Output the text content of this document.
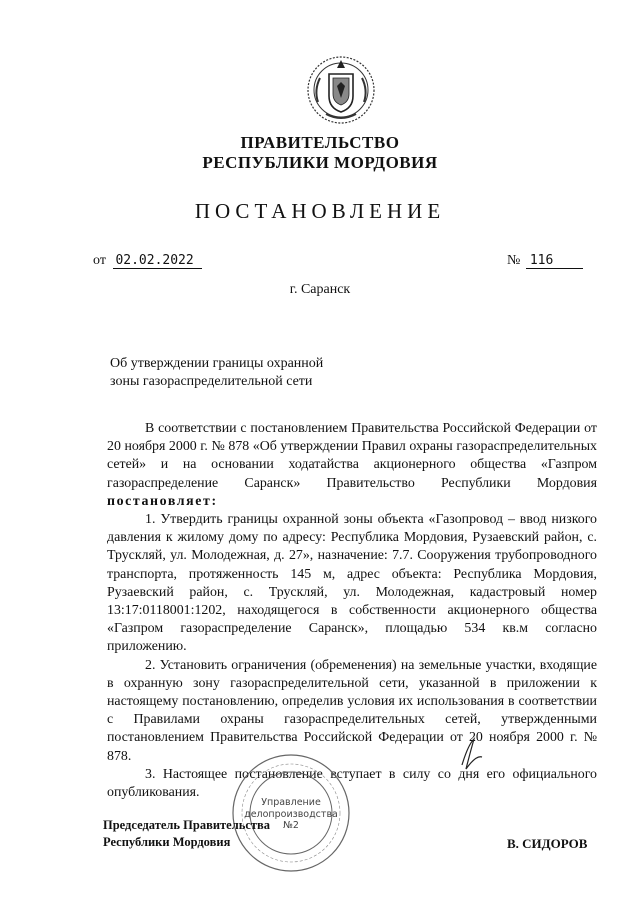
ПРАВИТЕЛЬСТВО
РЕСПУБЛИКИ МОРДОВИЯ
ПОСТАНОВЛЕНИЕ
от 02.02.2022	№ 116
г. Саранск
Об утверждении границы охранной
зоны газораспределительной сети

В соответствии с постановлением Правительства Российской Федерации от 20 ноября 2000 г. № 878 «Об утверждении Правил охраны газораспределительных сетей» и на основании ходатайства акционерного общества «Газпром газораспределение Саранск» Правительство Республики Мордовия постановляет:

1. Утвердить границы охранной зоны объекта «Газопровод – ввод низкого давления к жилому дому по адресу: Республика Мордовия, Рузаевский район, с. Трускляй, ул. Молодежная, д. 27», назначение: 7.7. Сооружения трубопроводного транспорта, протяженность 145 м, адрес объекта: Республика Мордовия, Рузаевский район, с. Трускляй, ул. Молодежная, кадастровый номер 13:17:0118001:1202, находящегося в собственности акционерного общества «Газпром газораспределение Саранск», площадью 534 кв.м согласно приложению.

2. Установить ограничения (обременения) на земельные участки, входящие в охранную зону газораспределительной сети, указанной в приложении к настоящему постановлению, определив условия их использования в соответствии с Правилами охраны газораспределительных сетей, утвержденными постановлением Правительства Российской Федерации от 20 ноября 2000 г. № 878.

3. Настоящее постановление вступает в силу со дня его официального опубликования.

Управление
делопроизводства
№2
Председатель Правительства
Республики Мордовия	В. СИДОРОВ
